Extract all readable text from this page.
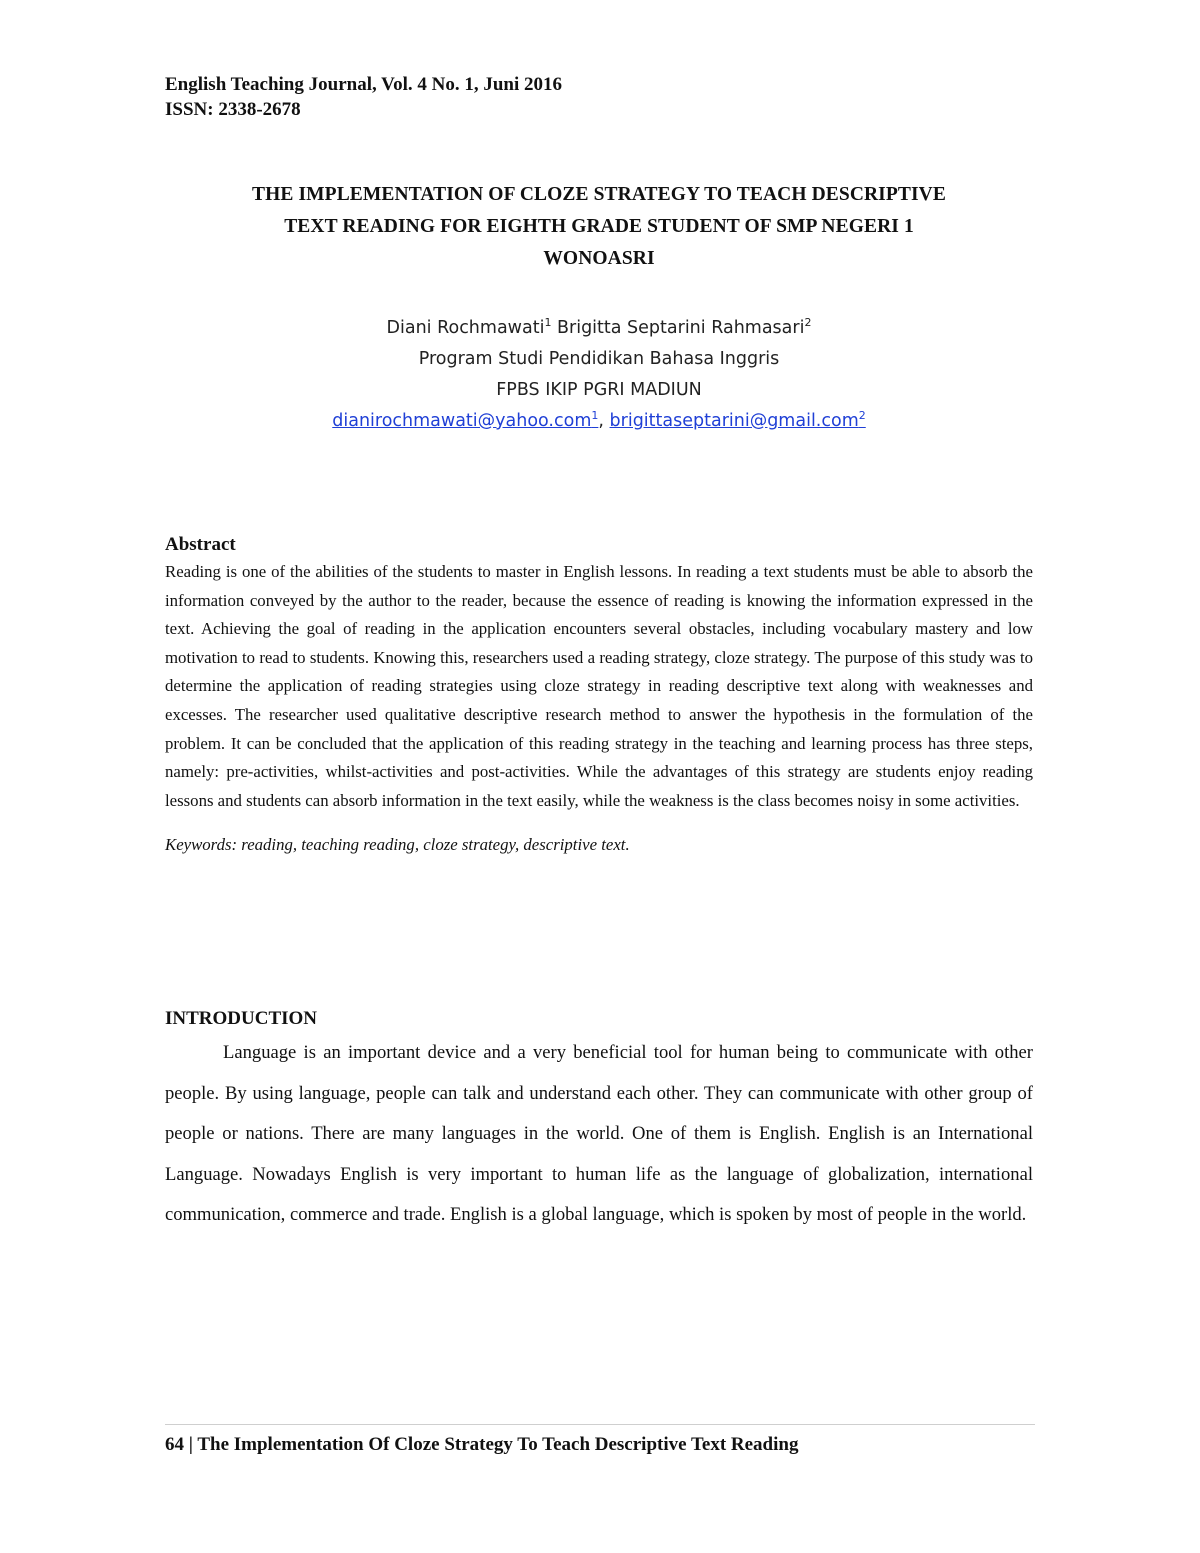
English Teaching Journal, Vol. 4 No. 1, Juni 2016
ISSN: 2338-2678
THE IMPLEMENTATION OF CLOZE STRATEGY TO TEACH DESCRIPTIVE
TEXT READING FOR EIGHTH GRADE STUDENT OF SMP NEGERI 1
WONOASRI
Diani Rochmawati$^1$ Brigitta Septarini Rahmasari$^2$
Program Studi Pendidikan Bahasa Inggris
FPBS IKIP PGRI MADIUN
dianirochmawati@yahoo.com$^1$, brigittaseptarini@gmail.com$^2$
Abstract

Reading is one of the abilities of the students to master in English lessons. In reading a text students must be able to absorb the information conveyed by the author to the reader, because the essence of reading is knowing the information expressed in the text. Achieving the goal of reading in the application encounters several obstacles, including vocabulary mastery and low motivation to read to students. Knowing this, researchers used a reading strategy, cloze strategy. The purpose of this study was to determine the application of reading strategies using cloze strategy in reading descriptive text along with weaknesses and excesses. The researcher used qualitative descriptive research method to answer the hypothesis in the formulation of the problem. It can be concluded that the application of this reading strategy in the teaching and learning process has three steps, namely: pre-activities, whilst-activities and post-activities. While the advantages of this strategy are students enjoy reading lessons and students can absorb information in the text easily, while the weakness is the class becomes noisy in some activities.

Keywords: reading, teaching reading, cloze strategy, descriptive text.

INTRODUCTION

Language is an important device and a very beneficial tool for human being to communicate with other people. By using language, people can talk and understand each other. They can communicate with other group of people or nations. There are many languages in the world. One of them is English. English is an International Language. Nowadays English is very important to human life as the language of globalization, international communication, commerce and trade. English is a global language, which is spoken by most of people in the world.

64 | The Implementation Of Cloze Strategy To Teach Descriptive Text Reading
